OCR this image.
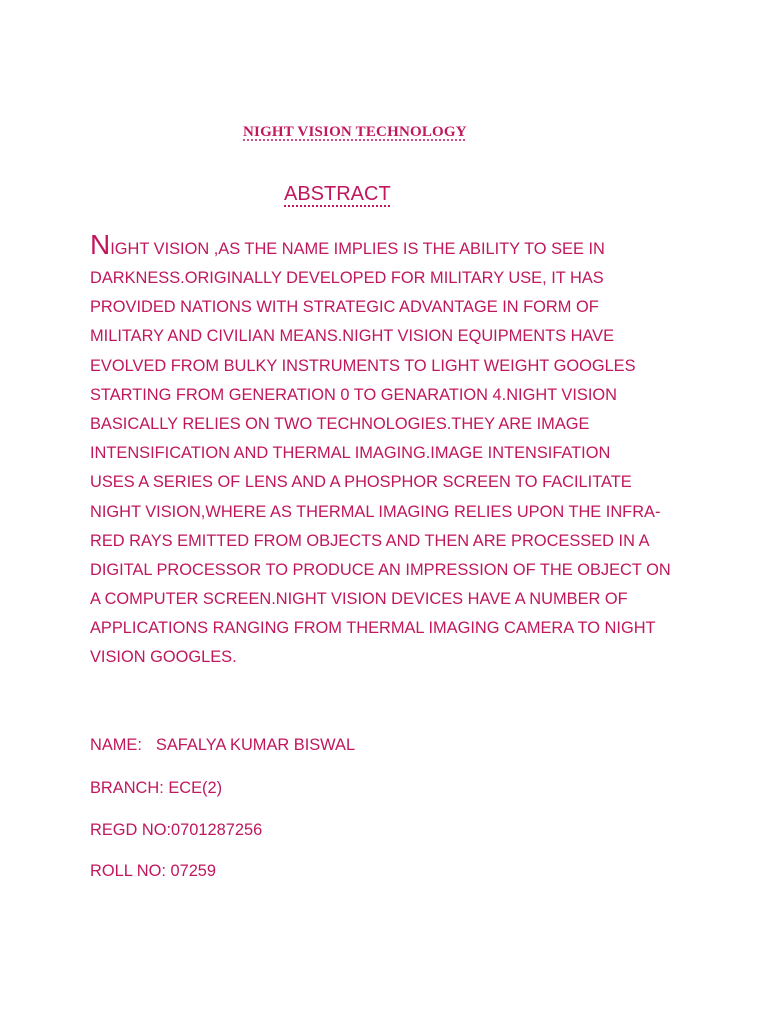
NIGHT VISION TECHNOLOGY
ABSTRACT
NIGHT VISION ,AS THE NAME IMPLIES IS THE ABILITY TO SEE IN
DARKNESS.ORIGINALLY DEVELOPED FOR MILITARY USE, IT HAS
PROVIDED NATIONS WITH STRATEGIC ADVANTAGE IN FORM OF
MILITARY AND CIVILIAN MEANS.NIGHT VISION EQUIPMENTS HAVE
EVOLVED FROM BULKY INSTRUMENTS TO LIGHT WEIGHT GOOGLES
STARTING FROM GENERATION 0 TO GENARATION 4.NIGHT VISION
BASICALLY RELIES ON TWO TECHNOLOGIES.THEY ARE IMAGE
INTENSIFICATION AND THERMAL IMAGING.IMAGE INTENSIFATION
USES A SERIES OF LENS AND A PHOSPHOR SCREEN TO FACILITATE
NIGHT VISION,WHERE AS THERMAL IMAGING RELIES UPON THE INFRA-
RED RAYS EMITTED FROM OBJECTS AND THEN ARE PROCESSED IN A
DIGITAL PROCESSOR TO PRODUCE AN IMPRESSION OF THE OBJECT ON
A COMPUTER SCREEN.NIGHT VISION DEVICES HAVE A NUMBER OF
APPLICATIONS RANGING FROM THERMAL IMAGING CAMERA TO NIGHT
VISION GOOGLES.
NAME: SAFALYA KUMAR BISWAL
BRANCH: ECE(2)
REGD NO:0701287256
ROLL NO: 07259
